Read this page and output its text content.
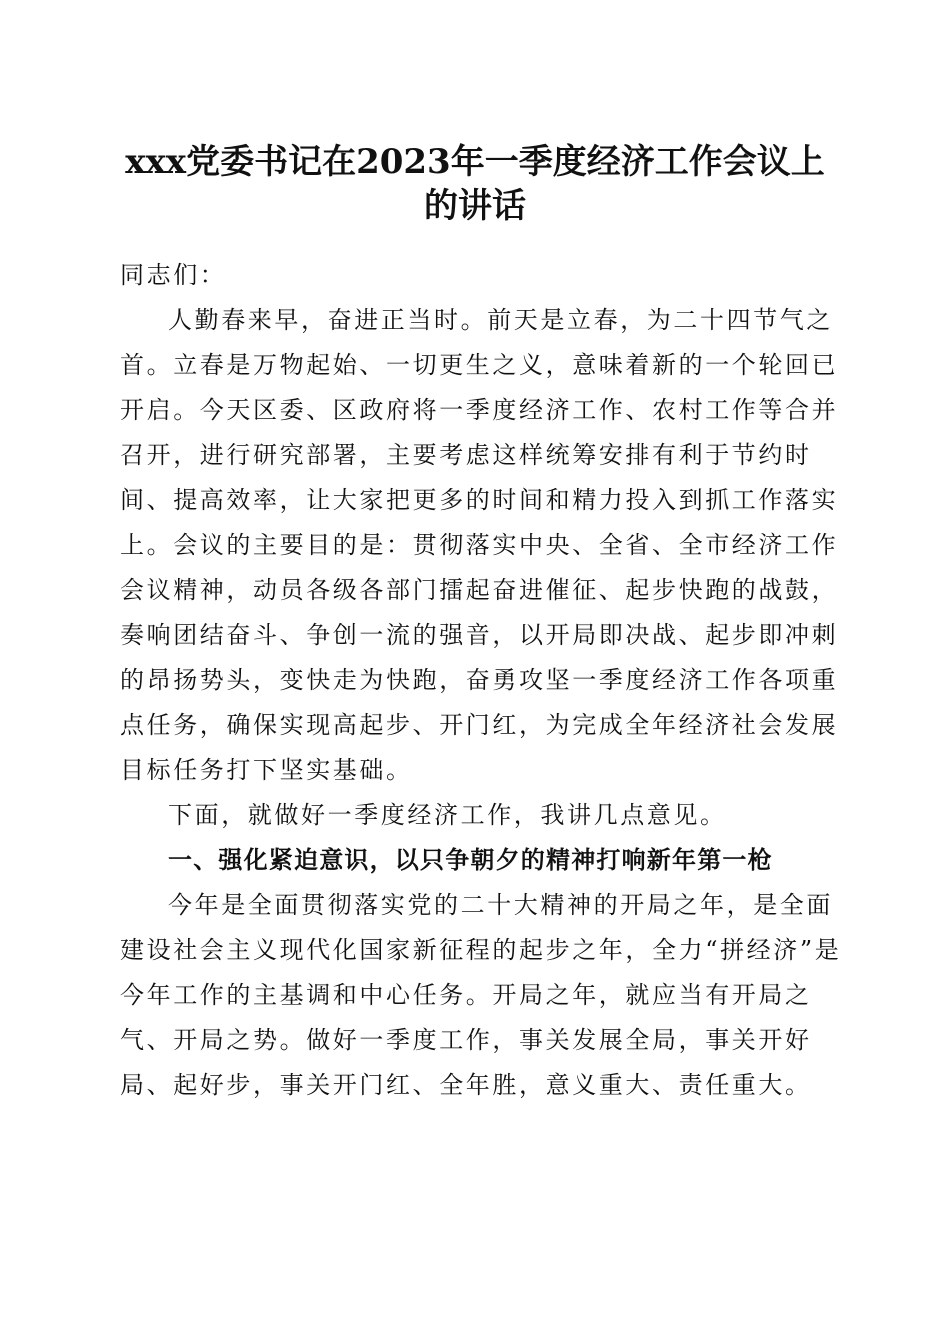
xxx党委书记在2023年一季度经济工作会议上
的讲话

同志们：

人勤春来早，奋进正当时。前天是立春，为二十四节气之首。立春是万物起始、一切更生之义，意味着新的一个轮回已开启。今天区委、区政府将一季度经济工作、农村工作等合并召开，进行研究部署，主要考虑这样统筹安排有利于节约时间、提高效率，让大家把更多的时间和精力投入到抓工作落实上。会议的主要目的是：贯彻落实中央、全省、全市经济工作会议精神，动员各级各部门擂起奋进催征、起步快跑的战鼓，奏响团结奋斗、争创一流的强音，以开局即决战、起步即冲刺的昂扬势头，变快走为快跑，奋勇攻坚一季度经济工作各项重点任务，确保实现高起步、开门红，为完成全年经济社会发展目标任务打下坚实基础。

下面，就做好一季度经济工作，我讲几点意见。

一、强化紧迫意识，以只争朝夕的精神打响新年第一枪

今年是全面贯彻落实党的二十大精神的开局之年，是全面建设社会主义现代化国家新征程的起步之年，全力“拼经济”是今年工作的主基调和中心任务。开局之年，就应当有开局之气、开局之势。做好一季度工作，事关发展全局，事关开好局、起好步，事关开门红、全年胜，意义重大、责任重大。
